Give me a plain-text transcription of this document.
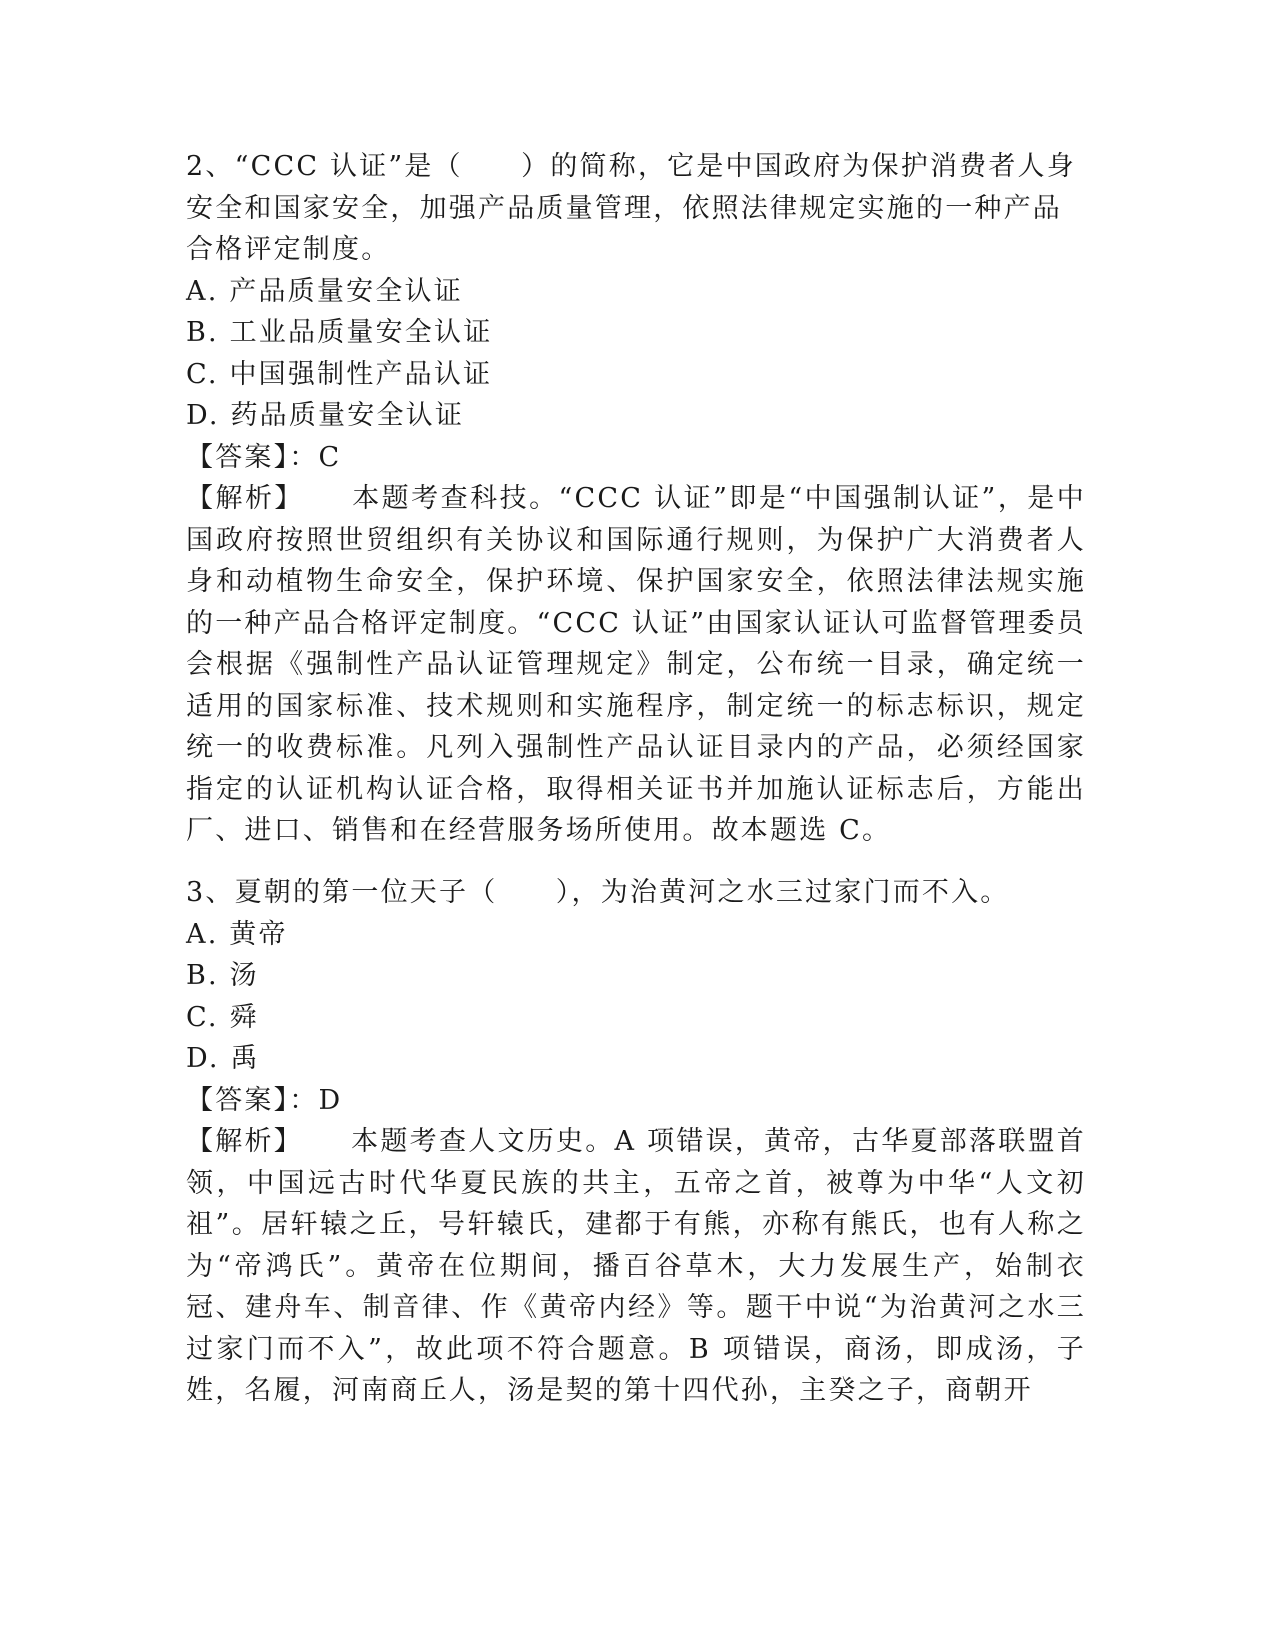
2、“CCC 认证”是（　　）的简称，它是中国政府为保护消费者人身安全和国家安全，加强产品质量管理，依照法律规定实施的一种产品合格评定制度。
A. 产品质量安全认证
B. 工业品质量安全认证
C. 中国强制性产品认证
D. 药品质量安全认证
【答案】：C
【解析】 本题考查科技。“CCC 认证”即是“中国强制认证”，是中国政府按照世贸组织有关协议和国际通行规则，为保护广大消费者人身和动植物生命安全，保护环境、保护国家安全，依照法律法规实施的一种产品合格评定制度。“CCC 认证”由国家认证认可监督管理委员会根据《强制性产品认证管理规定》制定，公布统一目录，确定统一适用的国家标准、技术规则和实施程序，制定统一的标志标识，规定统一的收费标准。凡列入强制性产品认证目录内的产品，必须经国家指定的认证机构认证合格，取得相关证书并加施认证标志后，方能出厂、进口、销售和在经营服务场所使用。故本题选 C。
3、夏朝的第一位天子（　　），为治黄河之水三过家门而不入。
A. 黄帝
B. 汤
C. 舜
D. 禹
【答案】：D
【解析】 本题考查人文历史。A 项错误，黄帝，古华夏部落联盟首领，中国远古时代华夏民族的共主，五帝之首，被尊为中华“人文初祖”。居轩辕之丘，号轩辕氏，建都于有熊，亦称有熊氏，也有人称之为“帝鸿氏”。黄帝在位期间，播百谷草木，大力发展生产，始制衣冠、建舟车、制音律、作《黄帝内经》等。题干中说“为治黄河之水三过家门而不入”，故此项不符合题意。B 项错误，商汤，即成汤，子姓，名履，河南商丘人，汤是契的第十四代孙，主癸之子，商朝开
